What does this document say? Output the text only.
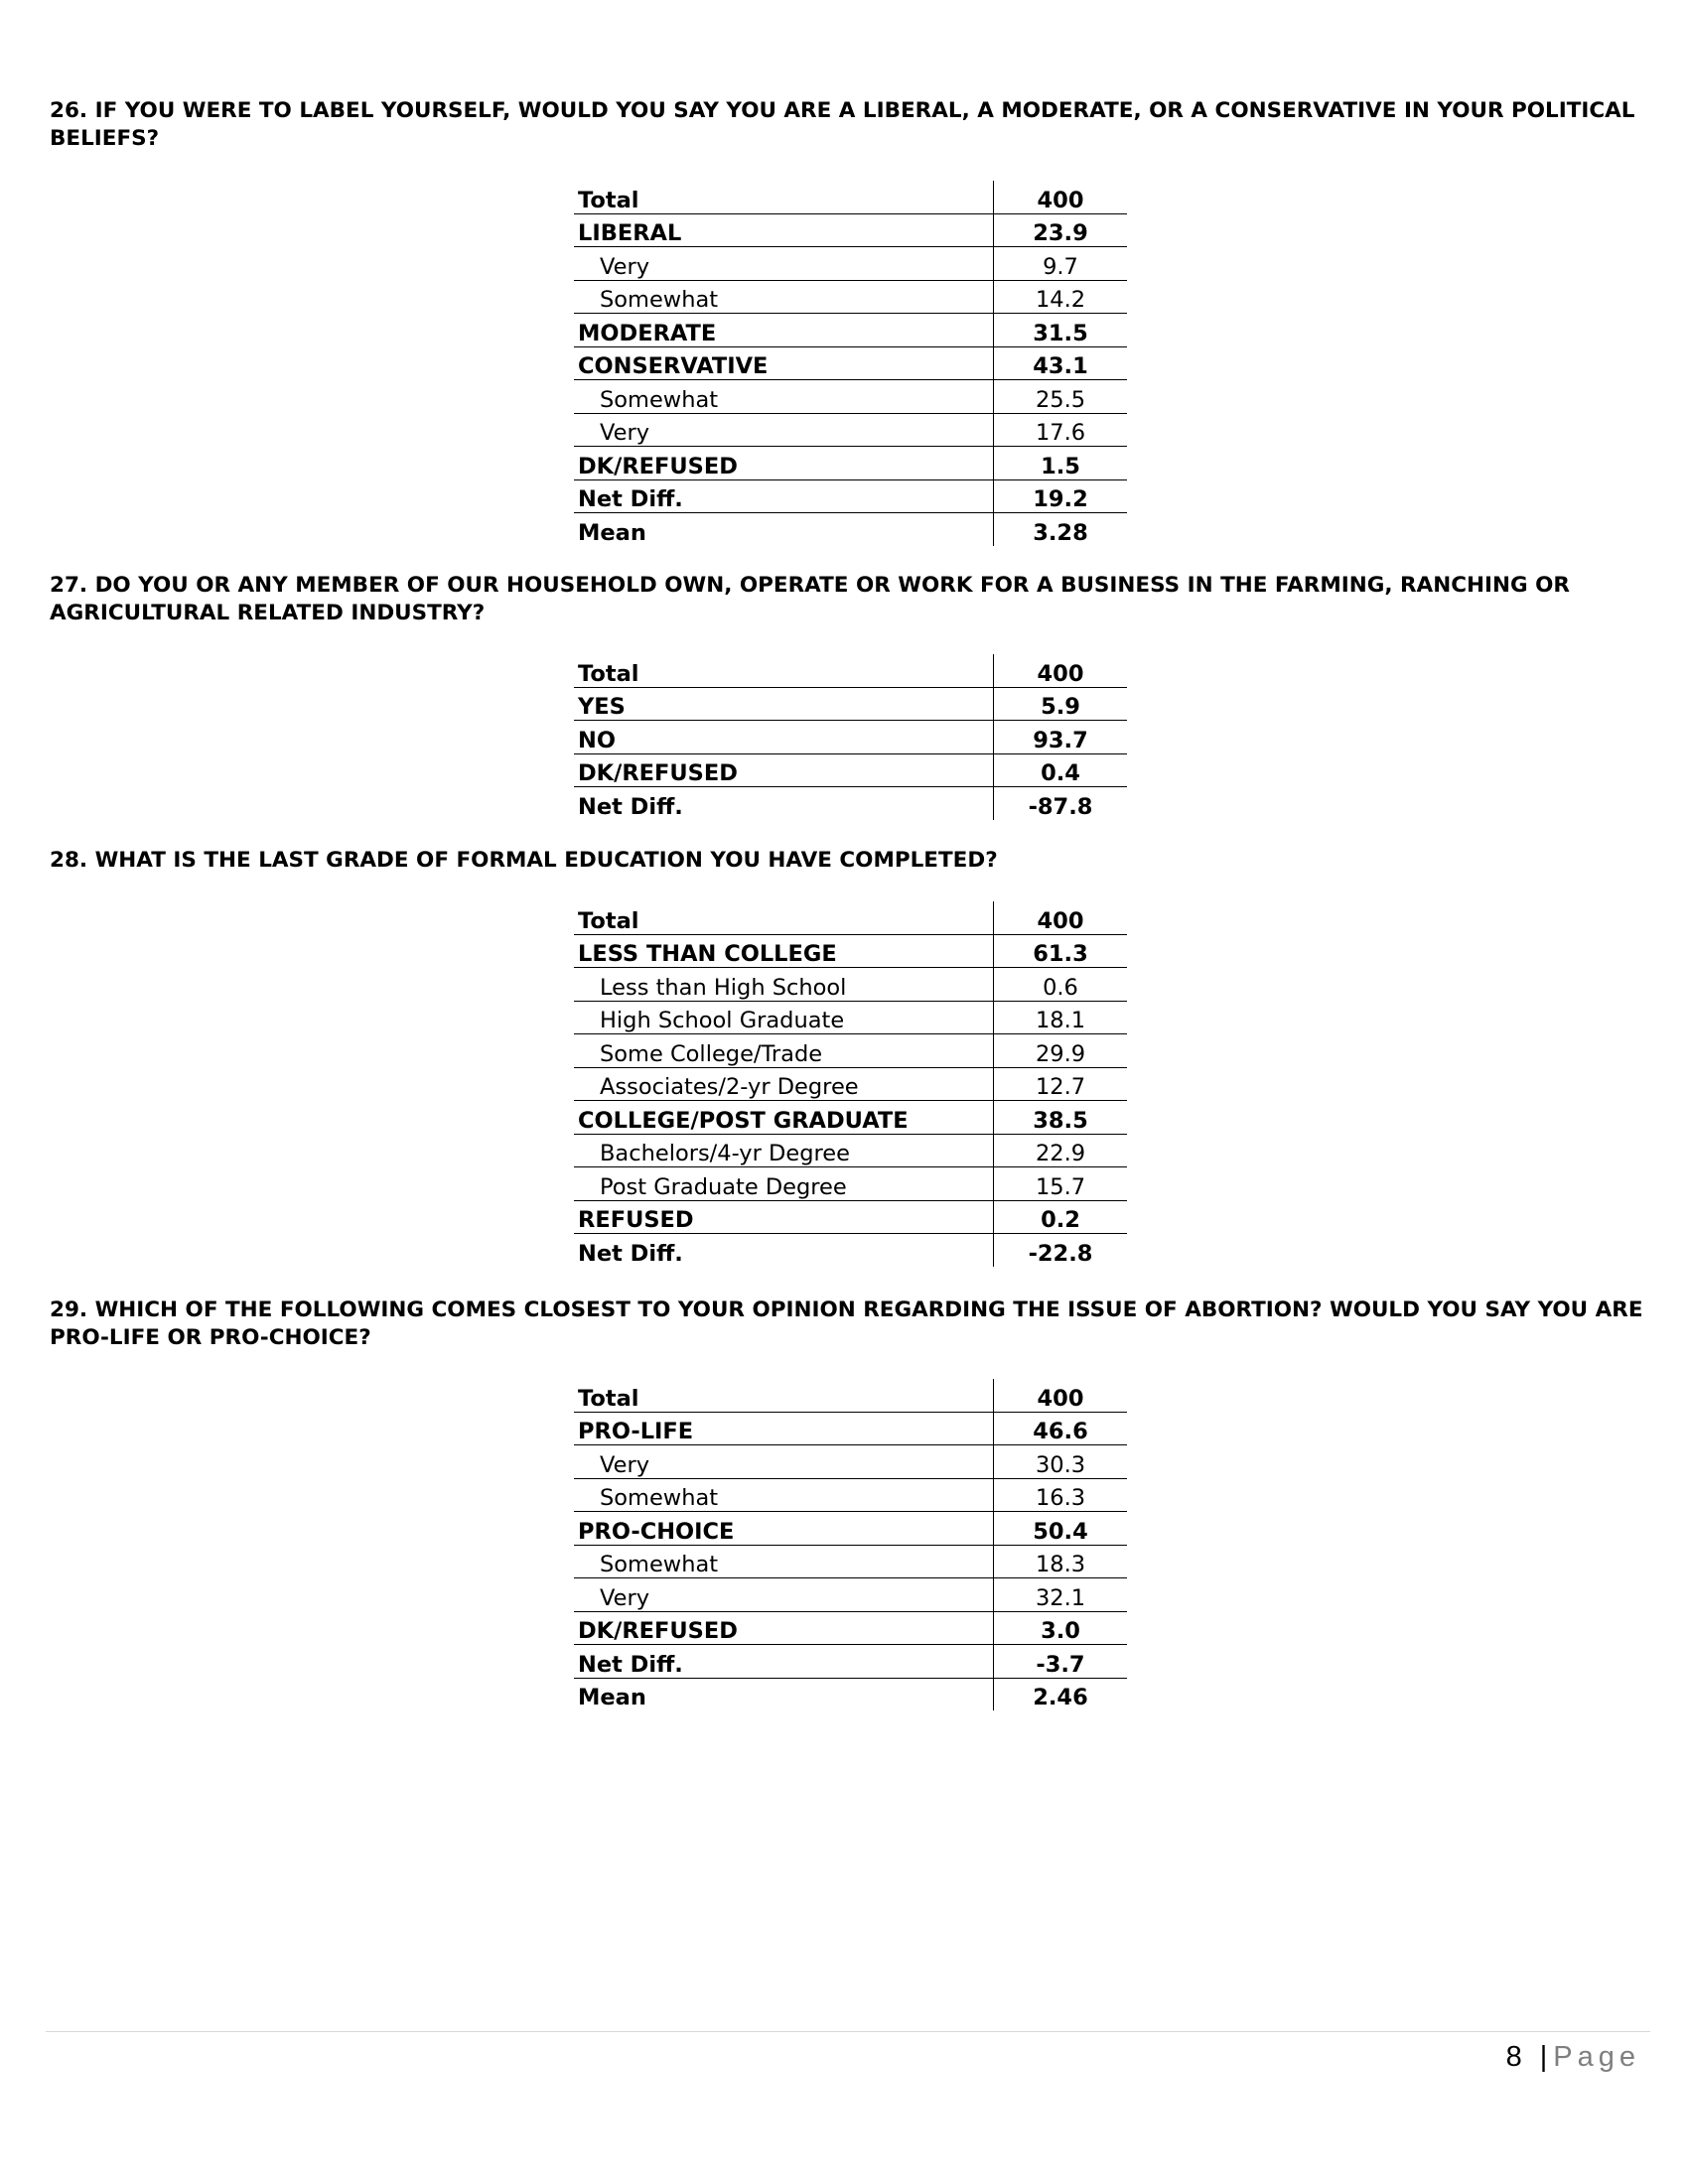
26. IF YOU WERE TO LABEL YOURSELF, WOULD YOU SAY YOU ARE A LIBERAL, A MODERATE, OR A CONSERVATIVE IN YOUR POLITICAL BELIEFS?

Total	400
LIBERAL	23.9
Very	9.7
Somewhat	14.2
MODERATE	31.5
CONSERVATIVE	43.1
Somewhat	25.5
Very	17.6
DK/REFUSED	1.5
Net Diff.	19.2
Mean	3.28

27. DO YOU OR ANY MEMBER OF OUR HOUSEHOLD OWN, OPERATE OR WORK FOR A BUSINESS IN THE FARMING, RANCHING OR AGRICULTURAL RELATED INDUSTRY?

Total	400
YES	5.9
NO	93.7
DK/REFUSED	0.4
Net Diff.	-87.8

28. WHAT IS THE LAST GRADE OF FORMAL EDUCATION YOU HAVE COMPLETED?

Total	400
LESS THAN COLLEGE	61.3
Less than High School	0.6
High School Graduate	18.1
Some College/Trade	29.9
Associates/2-yr Degree	12.7
COLLEGE/POST GRADUATE	38.5
Bachelors/4-yr Degree	22.9
Post Graduate Degree	15.7
REFUSED	0.2
Net Diff.	-22.8

29. WHICH OF THE FOLLOWING COMES CLOSEST TO YOUR OPINION REGARDING THE ISSUE OF ABORTION? WOULD YOU SAY YOU ARE PRO-LIFE OR PRO-CHOICE?

Total	400
PRO-LIFE	46.6
Very	30.3
Somewhat	16.3
PRO-CHOICE	50.4
Somewhat	18.3
Very	32.1
DK/REFUSED	3.0
Net Diff.	-3.7
Mean	2.46
8 | Page
